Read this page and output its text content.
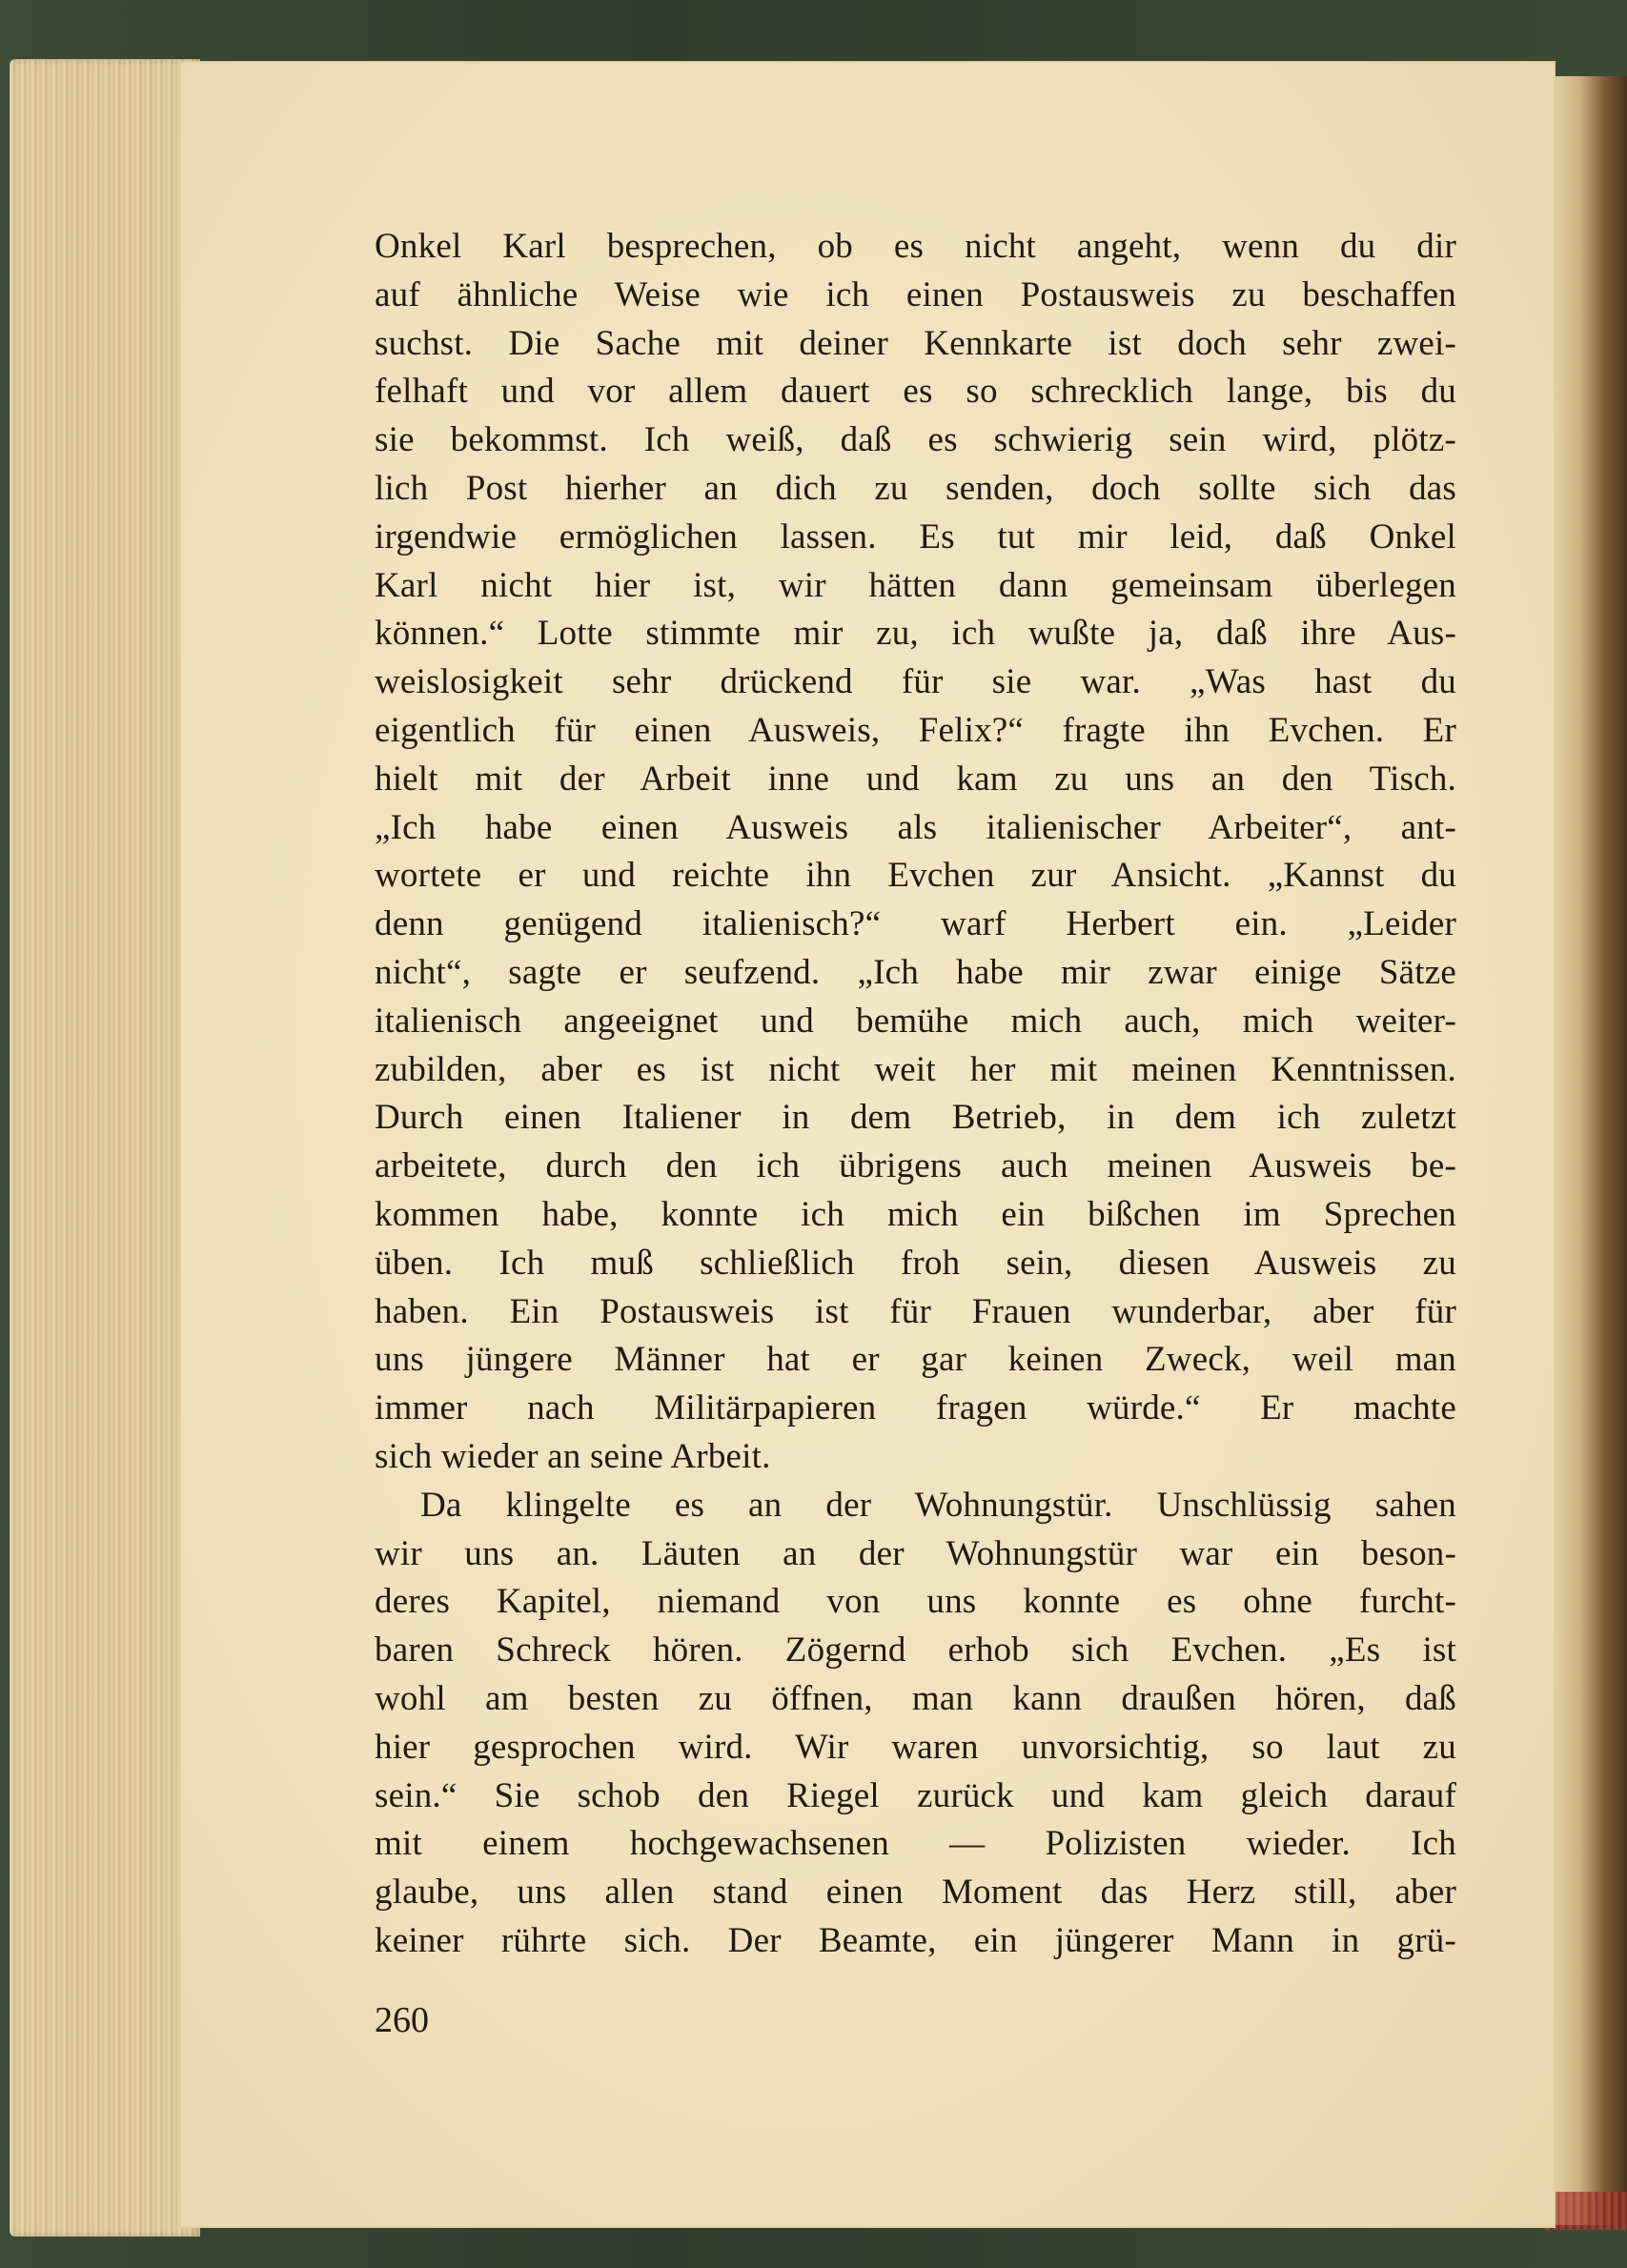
Onkel Karl besprechen, ob es nicht angeht, wenn du dir
auf ähnliche Weise wie ich einen Postausweis zu beschaffen
suchst. Die Sache mit deiner Kennkarte ist doch sehr zwei-
felhaft und vor allem dauert es so schrecklich lange, bis du
sie bekommst. Ich weiß, daß es schwierig sein wird, plötz-
lich Post hierher an dich zu senden, doch sollte sich das
irgendwie ermöglichen lassen. Es tut mir leid, daß Onkel
Karl nicht hier ist, wir hätten dann gemeinsam überlegen
können.“ Lotte stimmte mir zu, ich wußte ja, daß ihre Aus-
weislosigkeit sehr drückend für sie war. „Was hast du
eigentlich für einen Ausweis, Felix?“ fragte ihn Evchen. Er
hielt mit der Arbeit inne und kam zu uns an den Tisch.
„Ich habe einen Ausweis als italienischer Arbeiter“, ant-
wortete er und reichte ihn Evchen zur Ansicht. „Kannst du
denn genügend italienisch?“ warf Herbert ein. „Leider
nicht“, sagte er seufzend. „Ich habe mir zwar einige Sätze
italienisch angeeignet und bemühe mich auch, mich weiter-
zubilden, aber es ist nicht weit her mit meinen Kenntnissen.
Durch einen Italiener in dem Betrieb, in dem ich zuletzt
arbeitete, durch den ich übrigens auch meinen Ausweis be-
kommen habe, konnte ich mich ein bißchen im Sprechen
üben. Ich muß schließlich froh sein, diesen Ausweis zu
haben. Ein Postausweis ist für Frauen wunderbar, aber für
uns jüngere Männer hat er gar keinen Zweck, weil man
immer nach Militärpapieren fragen würde.“ Er machte
sich wieder an seine Arbeit.
Da klingelte es an der Wohnungstür. Unschlüssig sahen
wir uns an. Läuten an der Wohnungstür war ein beson-
deres Kapitel, niemand von uns konnte es ohne furcht-
baren Schreck hören. Zögernd erhob sich Evchen. „Es ist
wohl am besten zu öffnen, man kann draußen hören, daß
hier gesprochen wird. Wir waren unvorsichtig, so laut zu
sein.“ Sie schob den Riegel zurück und kam gleich darauf
mit einem hochgewachsenen — Polizisten wieder. Ich
glaube, uns allen stand einen Moment das Herz still, aber
keiner rührte sich. Der Beamte, ein jüngerer Mann in grü-
260
